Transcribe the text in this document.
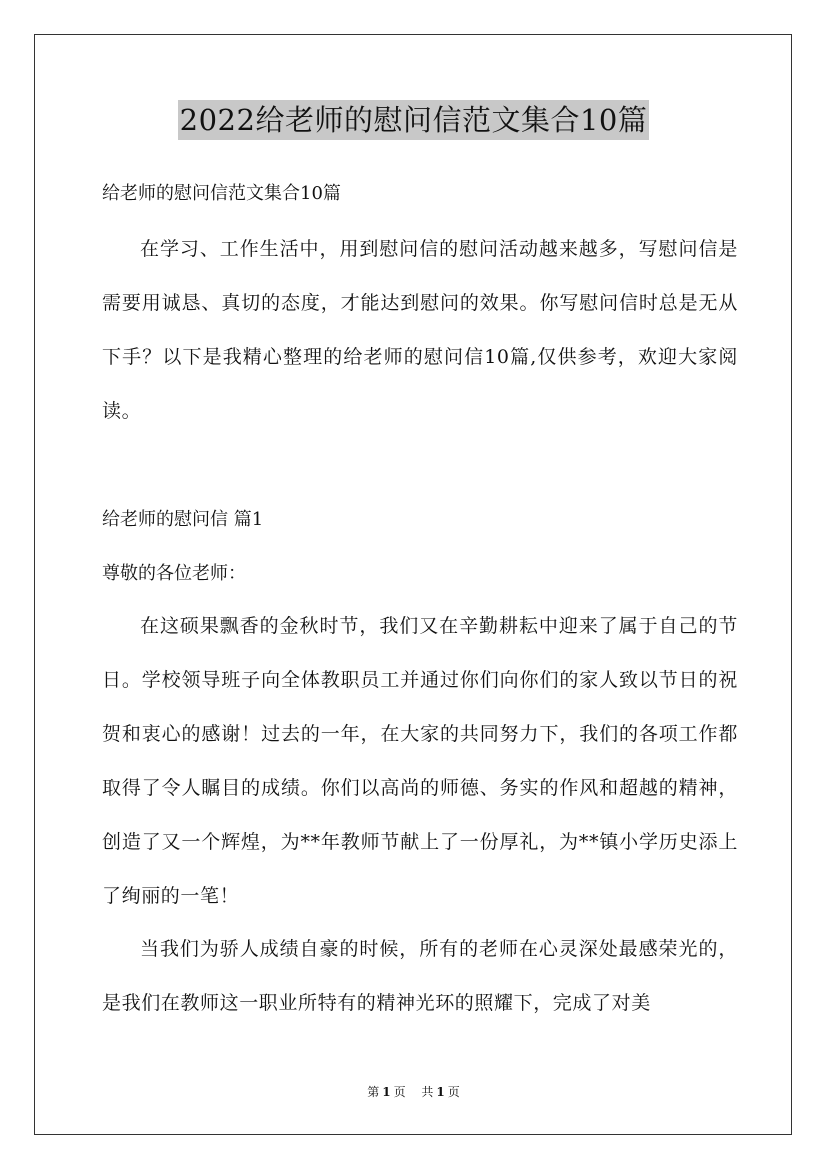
2022给老师的慰问信范文集合10篇

给老师的慰问信范文集合10篇

在学习、工作生活中，用到慰问信的慰问活动越来越多，写慰问信是需要用诚恳、真切的态度，才能达到慰问的效果。你写慰问信时总是无从下手？以下是我精心整理的给老师的慰问信10篇,仅供参考，欢迎大家阅读。

给老师的慰问信 篇1

尊敬的各位老师：

在这硕果飘香的金秋时节，我们又在辛勤耕耘中迎来了属于自己的节日。学校领导班子向全体教职员工并通过你们向你们的家人致以节日的祝贺和衷心的感谢！过去的一年，在大家的共同努力下，我们的各项工作都取得了令人瞩目的成绩。你们以高尚的师德、务实的作风和超越的精神，创造了又一个辉煌，为**年教师节献上了一份厚礼，为**镇小学历史添上了绚丽的一笔！

当我们为骄人成绩自豪的时候，所有的老师在心灵深处最感荣光的，是我们在教师这一职业所特有的精神光环的照耀下，完成了对美

第 1 页 共 1 页
